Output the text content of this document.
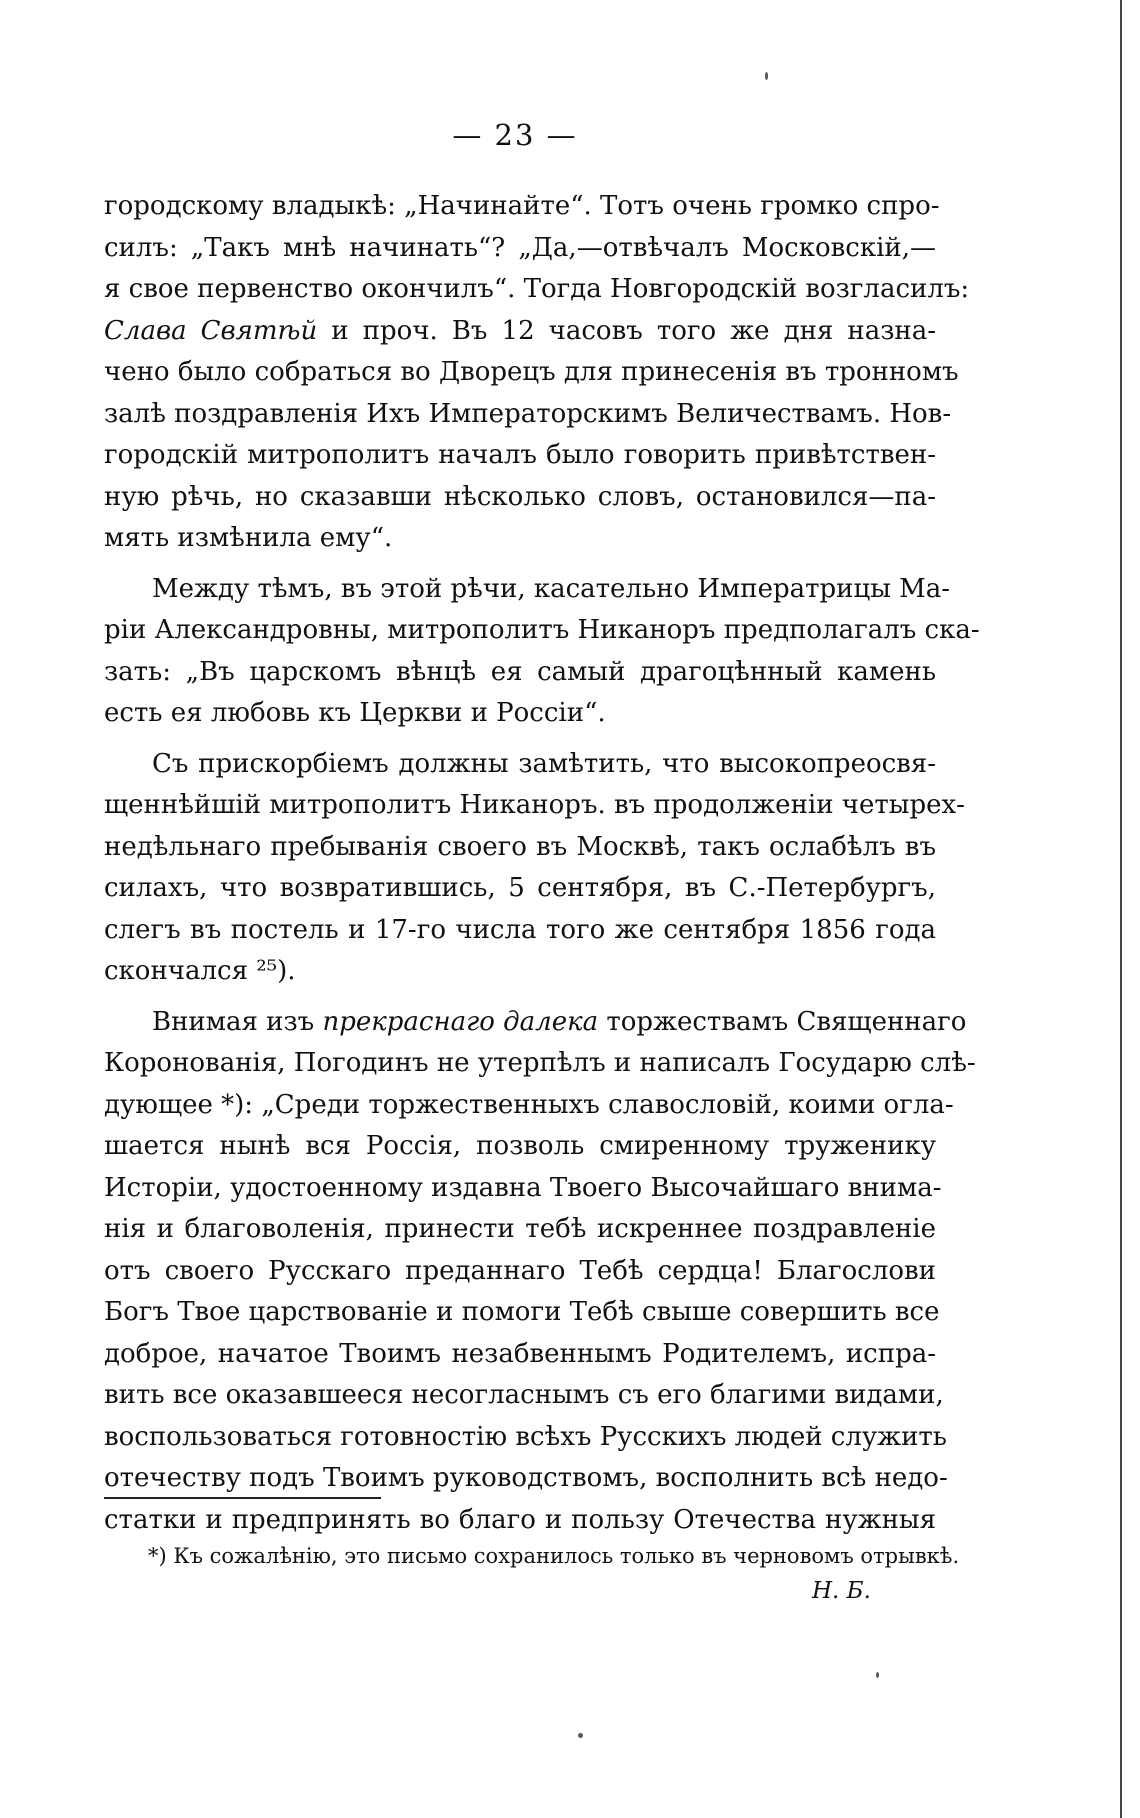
— 23 —
городскому владыкѣ: „Начинайте“. Тотъ очень громко спро-
силъ: „Такъ мнѣ начинать“? „Да,—отвѣчалъ Московскій,—
я свое первенство окончилъ“. Тогда Новгородскій возгласилъ:
Слава Святѣй и проч. Въ 12 часовъ того же дня назна-
чено было собраться во Дворецъ для принесенія въ тронномъ
залѣ поздравленія Ихъ Императорскимъ Величествамъ. Нов-
городскій митрополитъ началъ было говорить привѣтствен-
ную рѣчь, но сказавши нѣсколько словъ, остановился—па-
мять измѣнила ему“.
Между тѣмъ, въ этой рѣчи, касательно Императрицы Ма-
ріи Александровны, митрополитъ Никаноръ предполагалъ ска-
зать: „Въ царскомъ вѣнцѣ ея самый драгоцѣнный камень
есть ея любовь къ Церкви и Россіи“.
Съ прискорбіемъ должны замѣтить, что высокопреосвя-
щеннѣйшій митрополитъ Никаноръ. въ продолженіи четырех-
недѣльнаго пребыванія своего въ Москвѣ, такъ ослабѣлъ въ
силахъ, что возвратившись, 5 сентября, въ С.-Петербургъ,
слегъ въ постель и 17-го числа того же сентября 1856 года
скончался ²⁵).
Внимая изъ прекраснаго далека торжествамъ Священнаго
Коронованія, Погодинъ не утерпѣлъ и написалъ Государю слѣ-
дующее *): „Среди торжественныхъ славословій, коими огла-
шается нынѣ вся Россія, позволь смиренному труженику
Исторіи, удостоенному издавна Твоего Высочайшаго внима-
нія и благоволенія, принести тебѣ искреннее поздравленіе
отъ своего Русскаго преданнаго Тебѣ сердца! Благослови
Богъ Твое царствованіе и помоги Тебѣ свыше совершить все
доброе, начатое Твоимъ незабвеннымъ Родителемъ, испра-
вить все оказавшееся несогласнымъ съ его благими видами,
воспользоваться готовностію всѣхъ Русскихъ людей служить
отечеству подъ Твоимъ руководствомъ, восполнить всѣ недо-
статки и предпринять во благо и пользу Отечества нужныя
*) Къ сожалѣнію, это письмо сохранилось только въ черновомъ отрывкѣ.
Н. Б.
